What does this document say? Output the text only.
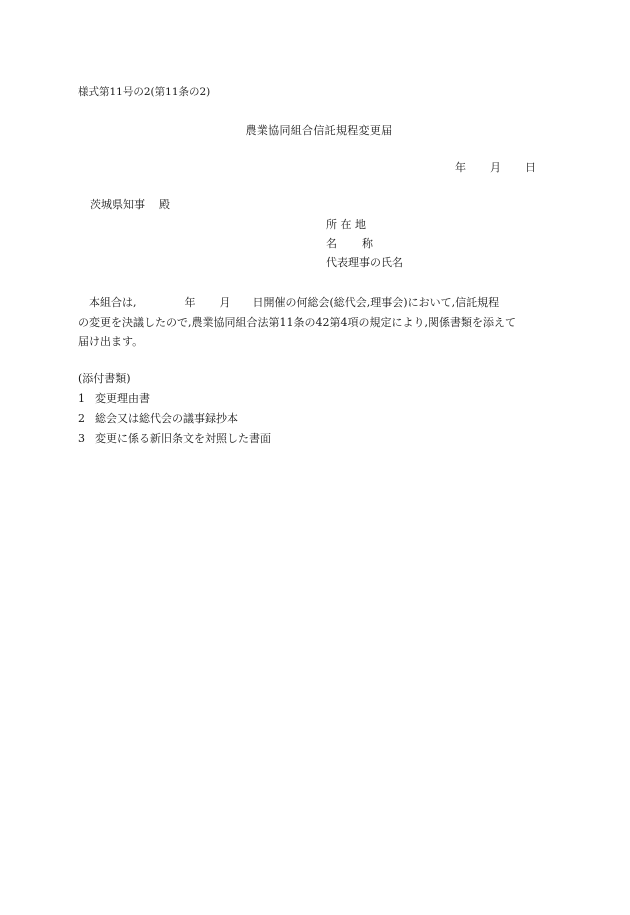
様式第11号の2(第11条の2)
農業協同組合信託規程変更届
年 月 日
茨城県知事 殿
所 在 地
名 称
代表理事の氏名
本組合は,	年 月 日開催の何総会(総代会,理事会)において,信託規程
の変更を決議したので,農業協同組合法第11条の42第4項の規定により,関係書類を添えて
届け出ます。
(添付書類)
1 変更理由書
2 総会又は総代会の議事録抄本
3 変更に係る新旧条文を対照した書面
